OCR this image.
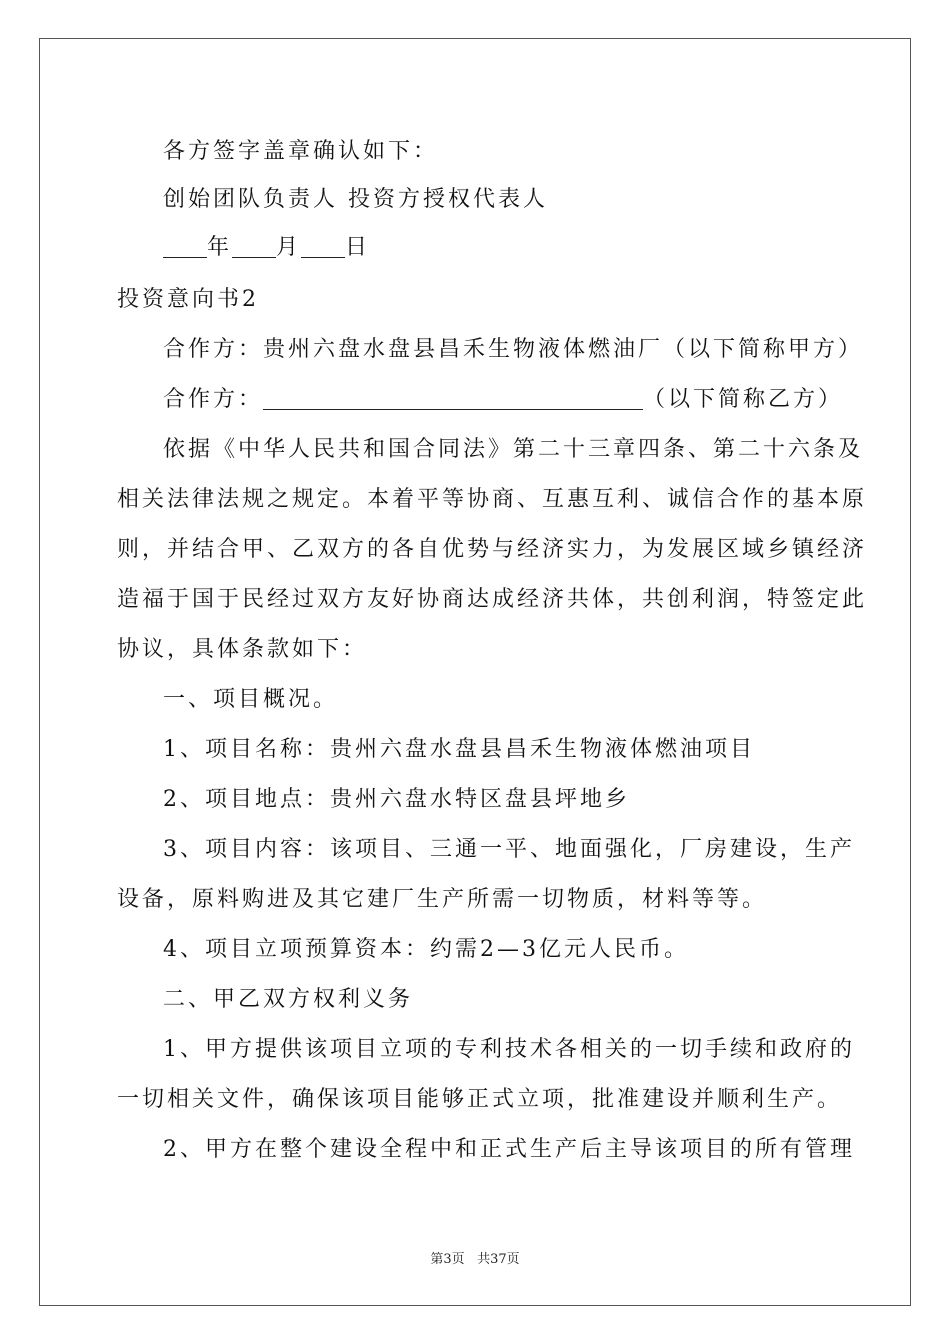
各方签字盖章确认如下：
创始团队负责人 投资方授权代表人
年 月 日
投资意向书2
合作方：贵州六盘水盘县昌禾生物液体燃油厂（以下简称甲方）
合作方：	（以下简称乙方）
依据《中华人民共和国合同法》第二十三章四条、第二十六条及
相关法律法规之规定。本着平等协商、互惠互利、诚信合作的基本原
则，并结合甲、乙双方的各自优势与经济实力，为发展区域乡镇经济
造福于国于民经过双方友好协商达成经济共体，共创利润，特签定此
协议，具体条款如下：
一、项目概况。
1、项目名称：贵州六盘水盘县昌禾生物液体燃油项目
2、项目地点：贵州六盘水特区盘县坪地乡
3、项目内容：该项目、三通一平、地面强化，厂房建设，生产
设备，原料购进及其它建厂生产所需一切物质，材料等等。
4、项目立项预算资本：约需2—3亿元人民币。
二、甲乙双方权利义务
1、甲方提供该项目立项的专利技术各相关的一切手续和政府的
一切相关文件，确保该项目能够正式立项，批准建设并顺利生产。
2、甲方在整个建设全程中和正式生产后主导该项目的所有管理
第3页 共37页
